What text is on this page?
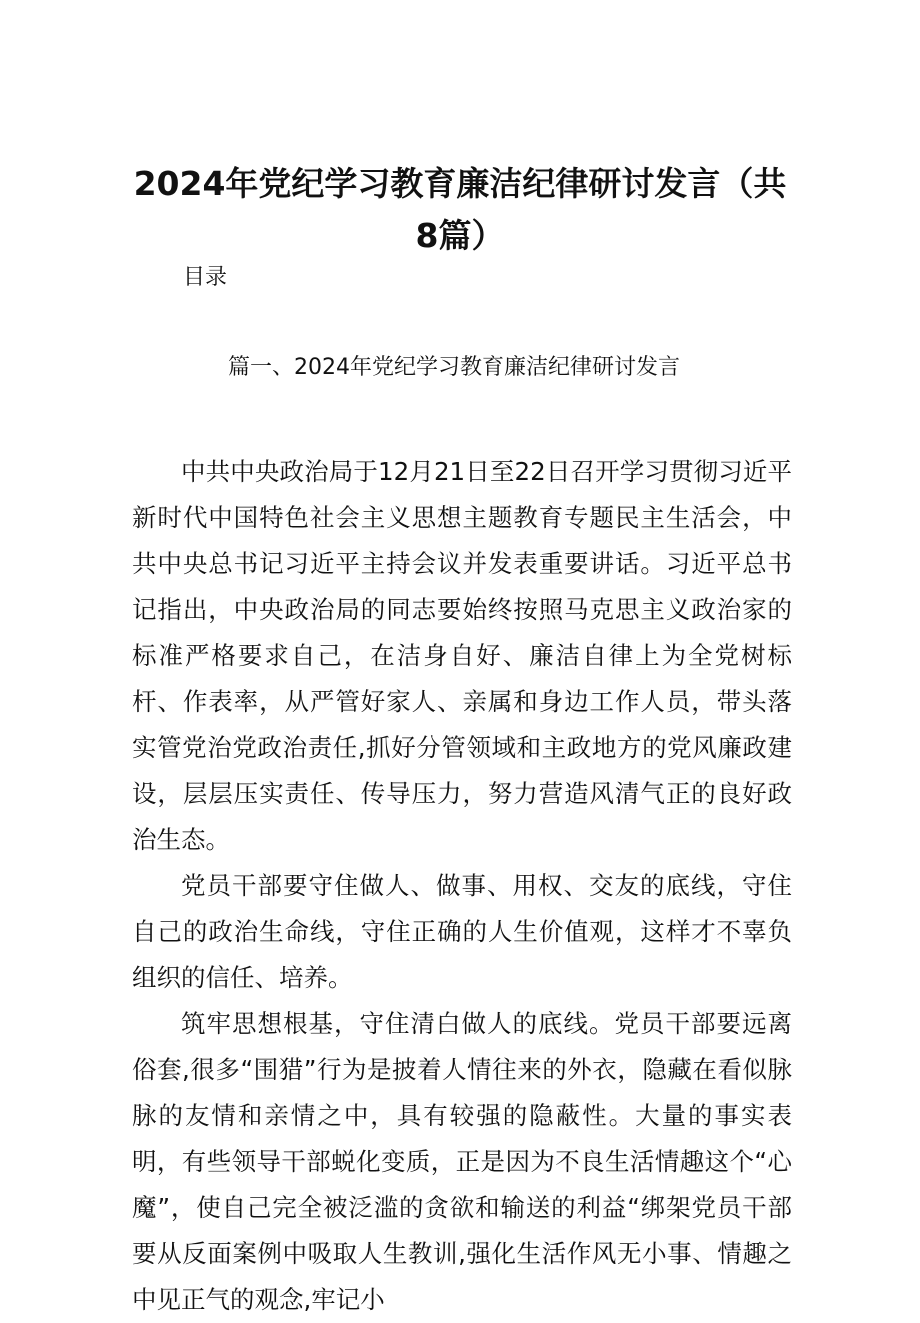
2024年党纪学习教育廉洁纪律研讨发言（共8篇）
目录
篇一、2024年党纪学习教育廉洁纪律研讨发言

中共中央政治局于12月21日至22日召开学习贯彻习近平新时代中国特色社会主义思想主题教育专题民主生活会，中共中央总书记习近平主持会议并发表重要讲话。习近平总书记指出，中央政治局的同志要始终按照马克思主义政治家的标准严格要求自己，在洁身自好、廉洁自律上为全党树标杆、作表率，从严管好家人、亲属和身边工作人员，带头落实管党治党政治责任,抓好分管领域和主政地方的党风廉政建设，层层压实责任、传导压力，努力营造风清气正的良好政治生态。

党员干部要守住做人、做事、用权、交友的底线，守住自己的政治生命线，守住正确的人生价值观，这样才不辜负组织的信任、培养。

筑牢思想根基，守住清白做人的底线。党员干部要远离俗套,很多“围猎”行为是披着人情往来的外衣，隐藏在看似脉脉的友情和亲情之中，具有较强的隐蔽性。大量的事实表明，有些领导干部蜕化变质，正是因为不良生活情趣这个“心魔”，使自己完全被泛滥的贪欲和输送的利益“绑架党员干部要从反面案例中吸取人生教训,强化生活作风无小事、情趣之中见正气的观念,牢记小
